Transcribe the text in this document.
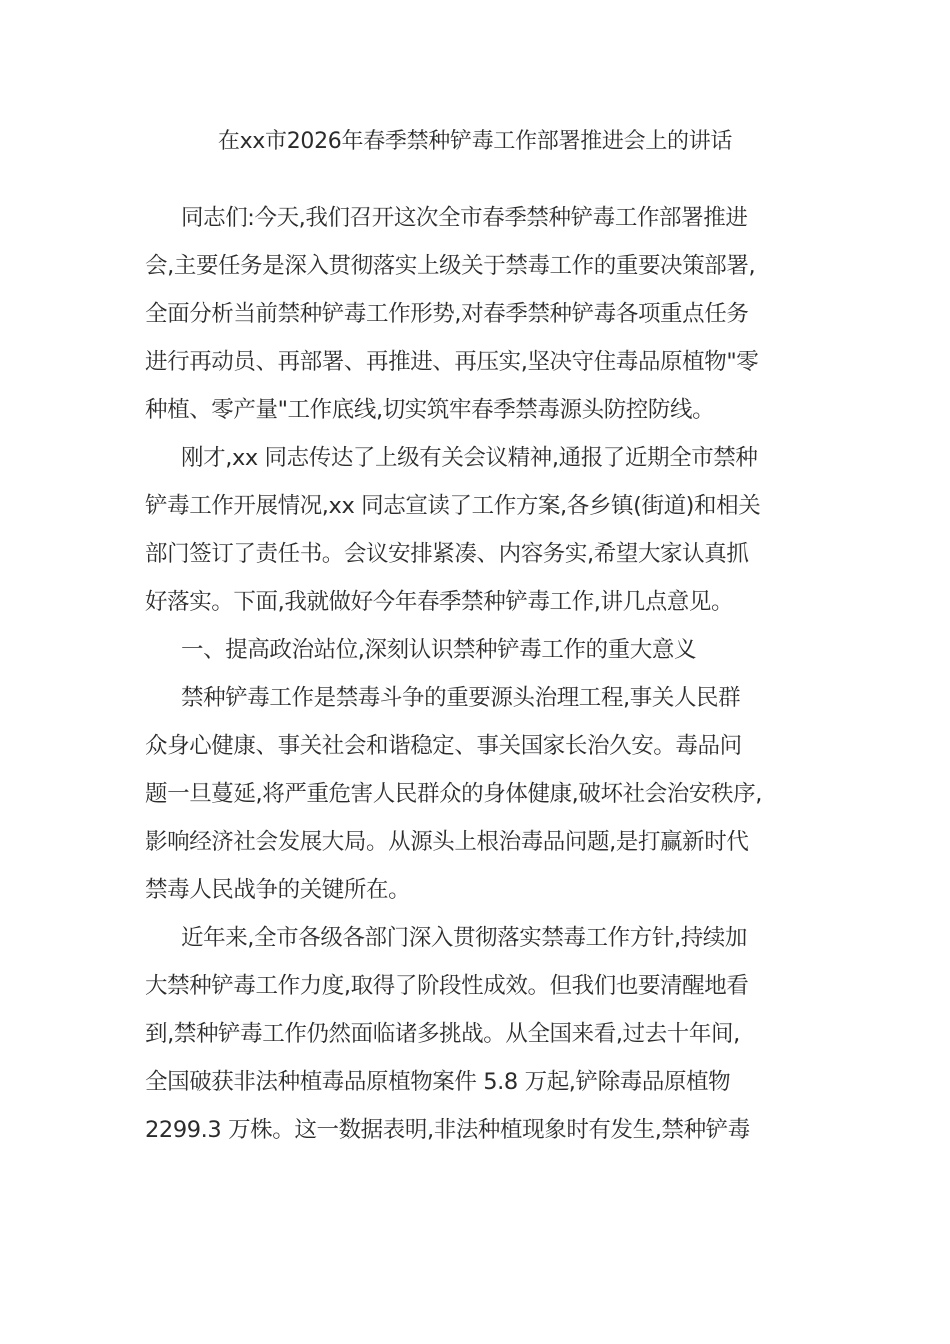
在xx市2026年春季禁种铲毒工作部署推进会上的讲话
同志们:今天,我们召开这次全市春季禁种铲毒工作部署推进
会,主要任务是深入贯彻落实上级关于禁毒工作的重要决策部署,
全面分析当前禁种铲毒工作形势,对春季禁种铲毒各项重点任务
进行再动员、再部署、再推进、再压实,坚决守住毒品原植物"零
种植、零产量"工作底线,切实筑牢春季禁毒源头防控防线。
刚才,xx 同志传达了上级有关会议精神,通报了近期全市禁种
铲毒工作开展情况,xx 同志宣读了工作方案,各乡镇(街道)和相关
部门签订了责任书。会议安排紧凑、内容务实,希望大家认真抓
好落实。下面,我就做好今年春季禁种铲毒工作,讲几点意见。
一、提高政治站位,深刻认识禁种铲毒工作的重大意义
禁种铲毒工作是禁毒斗争的重要源头治理工程,事关人民群
众身心健康、事关社会和谐稳定、事关国家长治久安。毒品问
题一旦蔓延,将严重危害人民群众的身体健康,破坏社会治安秩序,
影响经济社会发展大局。从源头上根治毒品问题,是打赢新时代
禁毒人民战争的关键所在。
近年来,全市各级各部门深入贯彻落实禁毒工作方针,持续加
大禁种铲毒工作力度,取得了阶段性成效。但我们也要清醒地看
到,禁种铲毒工作仍然面临诸多挑战。从全国来看,过去十年间,
全国破获非法种植毒品原植物案件 5.8 万起,铲除毒品原植物
2299.3 万株。这一数据表明,非法种植现象时有发生,禁种铲毒
